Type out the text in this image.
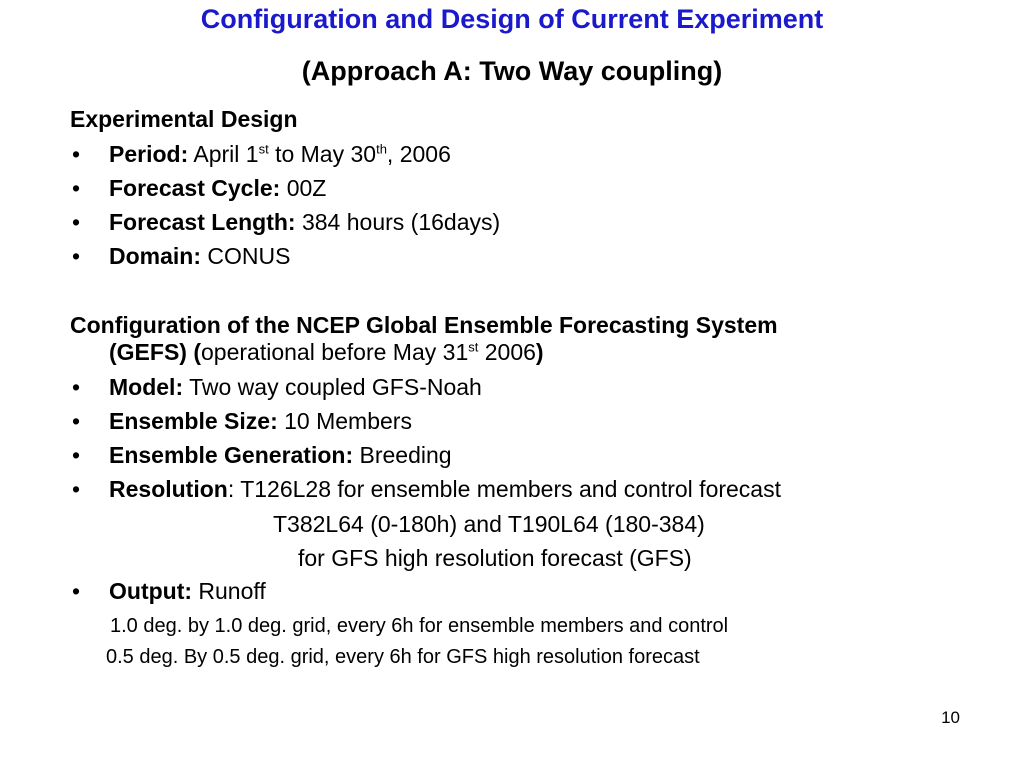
Configuration and Design of Current Experiment
(Approach A: Two Way coupling)
Experimental Design
• Period: April 1st to May 30th, 2006
• Forecast Cycle: 00Z
• Forecast Length: 384 hours (16days)
• Domain: CONUS
Configuration of the NCEP Global Ensemble Forecasting System
(GEFS) (operational before May 31st 2006)
• Model: Two way coupled GFS-Noah
• Ensemble Size: 10 Members
• Ensemble Generation: Breeding
• Resolution: T126L28 for ensemble members and control forecast
T382L64 (0-180h) and T190L64 (180-384)
for GFS high resolution forecast (GFS)
• Output: Runoff
1.0 deg. by 1.0 deg. grid, every 6h for ensemble members and control
0.5 deg. By 0.5 deg. grid, every 6h for GFS high resolution forecast
10
